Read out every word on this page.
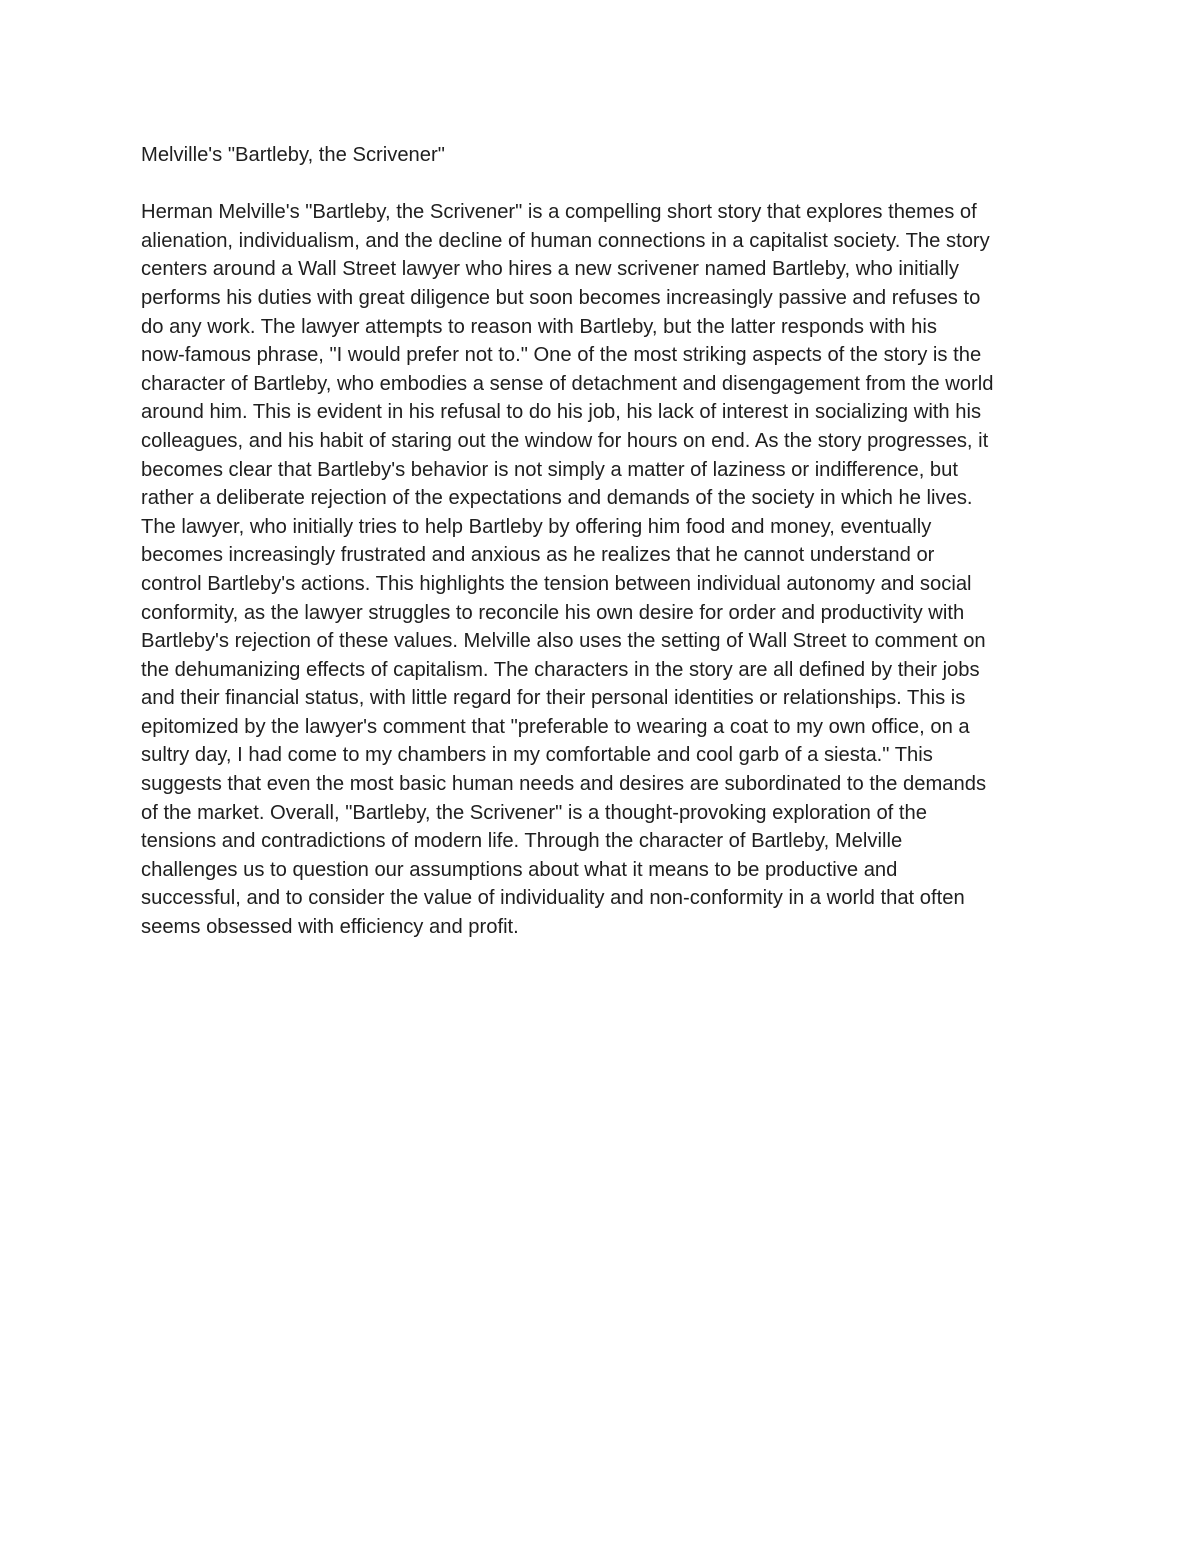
Melville's "Bartleby, the Scrivener"

Herman Melville's "Bartleby, the Scrivener" is a compelling short story that explores themes of

alienation, individualism, and the decline of human connections in a capitalist society. The story

centers around a Wall Street lawyer who hires a new scrivener named Bartleby, who initially

performs his duties with great diligence but soon becomes increasingly passive and refuses to

do any work. The lawyer attempts to reason with Bartleby, but the latter responds with his

now-famous phrase, "I would prefer not to." One of the most striking aspects of the story is the

character of Bartleby, who embodies a sense of detachment and disengagement from the world

around him. This is evident in his refusal to do his job, his lack of interest in socializing with his

colleagues, and his habit of staring out the window for hours on end. As the story progresses, it

becomes clear that Bartleby's behavior is not simply a matter of laziness or indifference, but

rather a deliberate rejection of the expectations and demands of the society in which he lives.

The lawyer, who initially tries to help Bartleby by offering him food and money, eventually

becomes increasingly frustrated and anxious as he realizes that he cannot understand or

control Bartleby's actions. This highlights the tension between individual autonomy and social

conformity, as the lawyer struggles to reconcile his own desire for order and productivity with

Bartleby's rejection of these values. Melville also uses the setting of Wall Street to comment on

the dehumanizing effects of capitalism. The characters in the story are all defined by their jobs

and their financial status, with little regard for their personal identities or relationships. This is

epitomized by the lawyer's comment that "preferable to wearing a coat to my own office, on a

sultry day, I had come to my chambers in my comfortable and cool garb of a siesta." This

suggests that even the most basic human needs and desires are subordinated to the demands

of the market. Overall, "Bartleby, the Scrivener" is a thought-provoking exploration of the

tensions and contradictions of modern life. Through the character of Bartleby, Melville

challenges us to question our assumptions about what it means to be productive and

successful, and to consider the value of individuality and non-conformity in a world that often

seems obsessed with efficiency and profit.
